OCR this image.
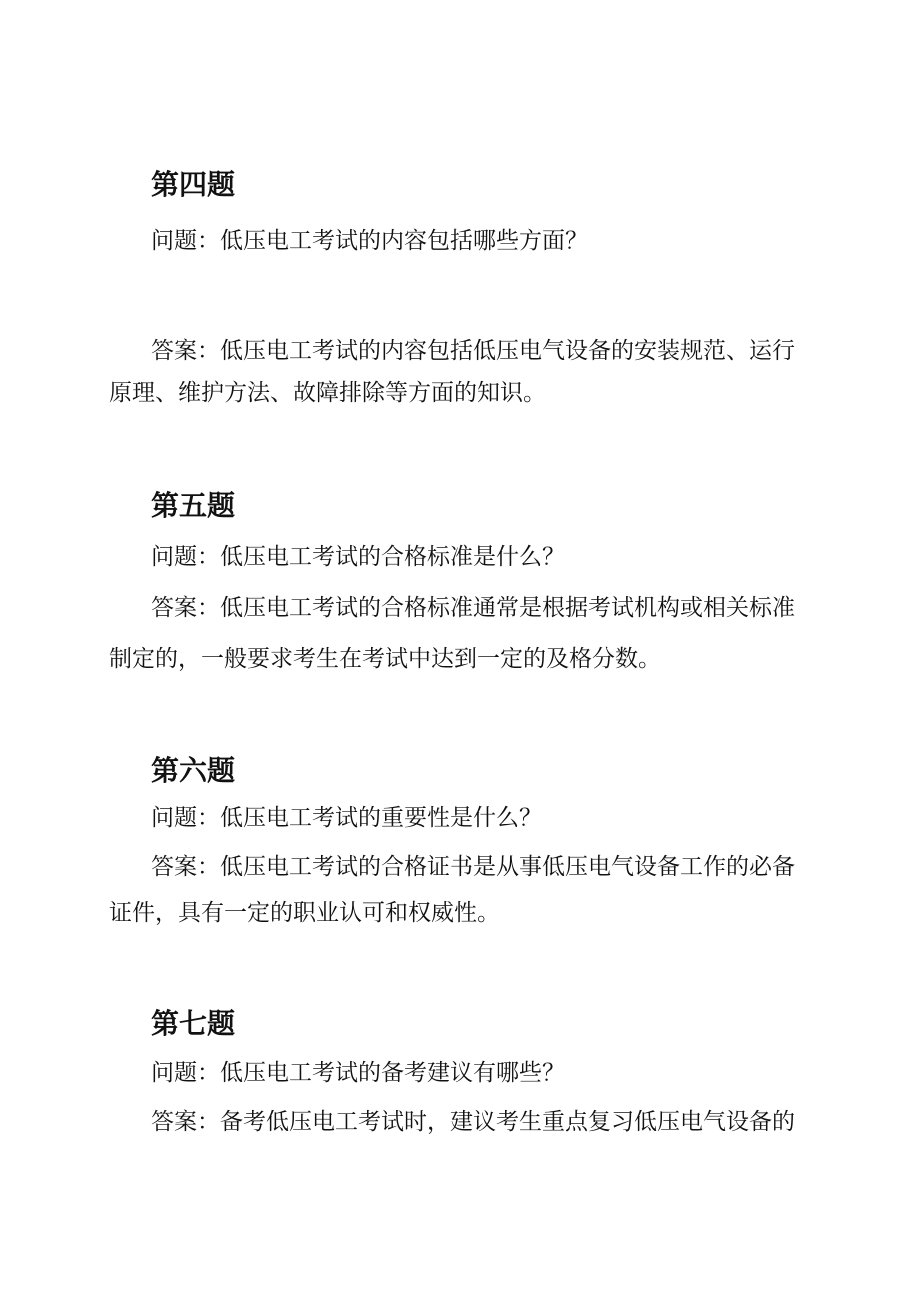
第四题

问题：低压电工考试的内容包括哪些方面？

答案：低压电工考试的内容包括低压电气设备的安装规范、运行

原理、维护方法、故障排除等方面的知识。

第五题

问题：低压电工考试的合格标准是什么？

答案：低压电工考试的合格标准通常是根据考试机构或相关标准

制定的，一般要求考生在考试中达到一定的及格分数。

第六题

问题：低压电工考试的重要性是什么？

答案：低压电工考试的合格证书是从事低压电气设备工作的必备

证件，具有一定的职业认可和权威性。

第七题

问题：低压电工考试的备考建议有哪些？

答案：备考低压电工考试时，建议考生重点复习低压电气设备的
